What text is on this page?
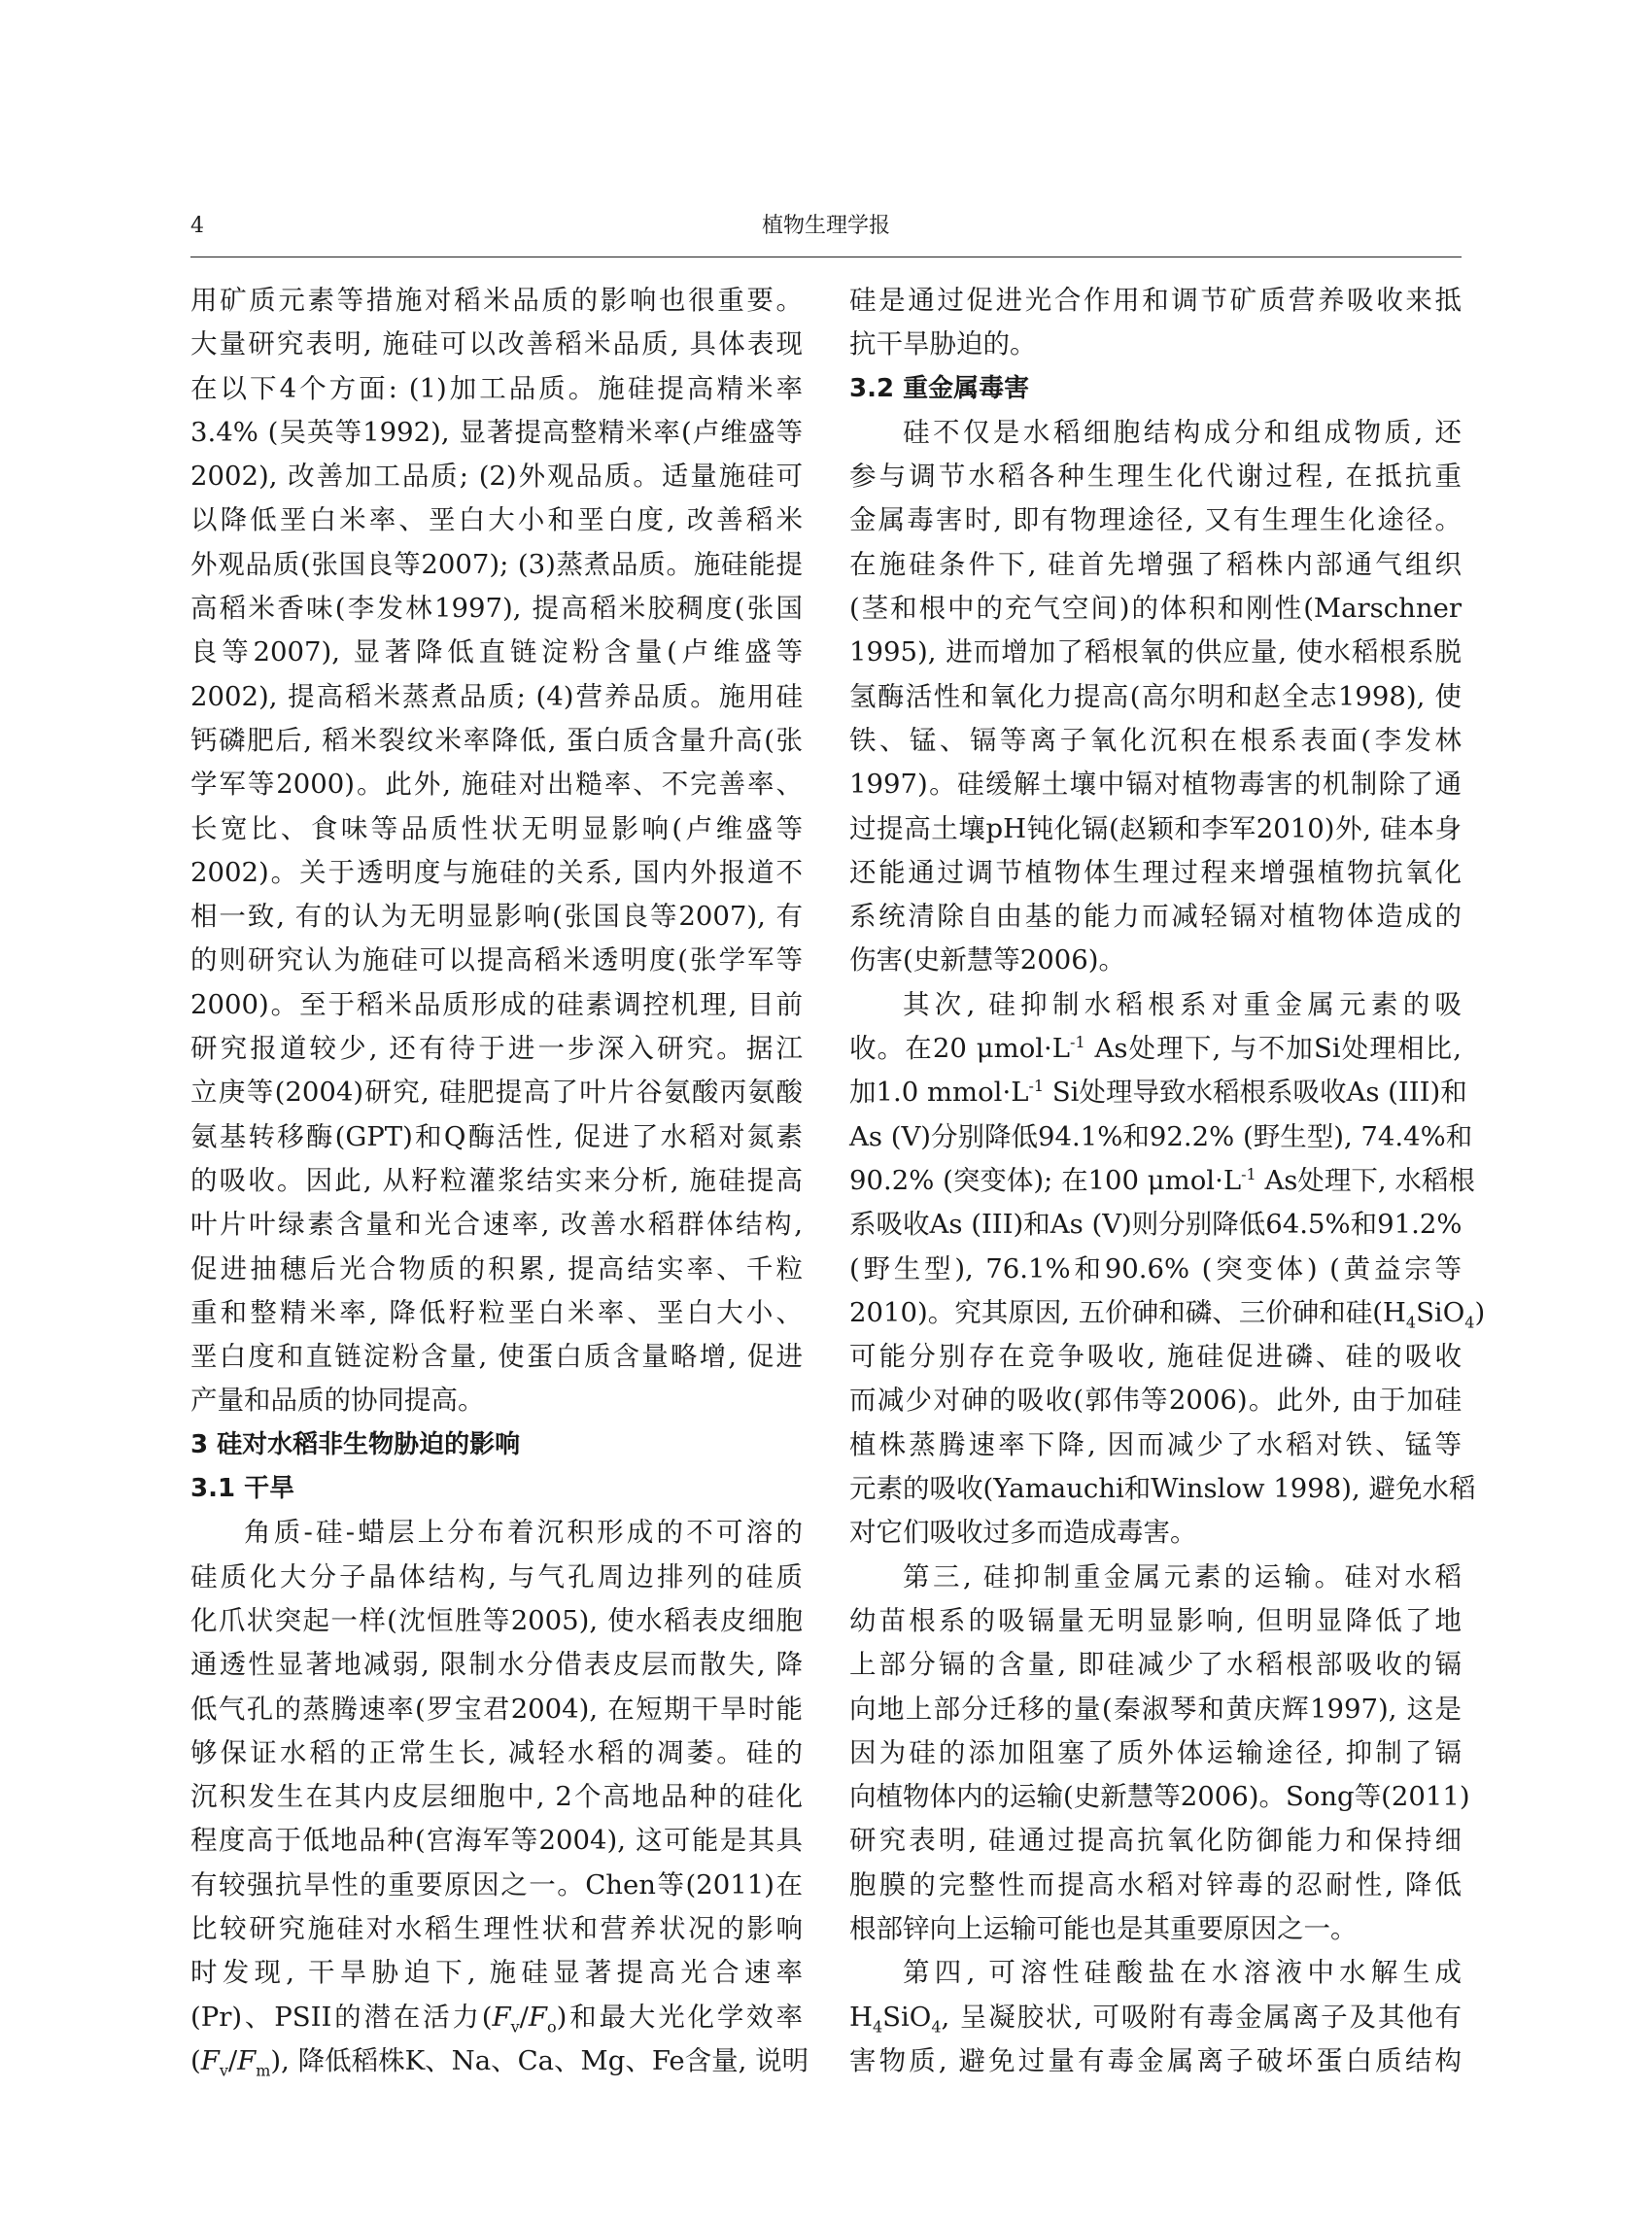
4	植物生理学报
用矿质元素等措施对稻米品质的影响也很重要。
大量研究表明, 施硅可以改善稻米品质, 具体表现
在以下4个方面: (1)加工品质。施硅提高精米率
3.4% (吴英等1992), 显著提高整精米率(卢维盛等
2002), 改善加工品质; (2)外观品质。适量施硅可
以降低垩白米率、垩白大小和垩白度, 改善稻米
外观品质(张国良等2007); (3)蒸煮品质。施硅能提
高稻米香味(李发林1997), 提高稻米胶稠度(张国
良等2007), 显著降低直链淀粉含量(卢维盛等
2002), 提高稻米蒸煮品质; (4)营养品质。施用硅
钙磷肥后, 稻米裂纹米率降低, 蛋白质含量升高(张
学军等2000)。此外, 施硅对出糙率、不完善率、
长宽比、食味等品质性状无明显影响(卢维盛等
2002)。关于透明度与施硅的关系, 国内外报道不
相一致, 有的认为无明显影响(张国良等2007), 有
的则研究认为施硅可以提高稻米透明度(张学军等
2000)。至于稻米品质形成的硅素调控机理, 目前
研究报道较少, 还有待于进一步深入研究。据江
立庚等(2004)研究, 硅肥提高了叶片谷氨酸丙氨酸
氨基转移酶(GPT)和Q酶活性, 促进了水稻对氮素
的吸收。因此, 从籽粒灌浆结实来分析, 施硅提高
叶片叶绿素含量和光合速率, 改善水稻群体结构,
促进抽穗后光合物质的积累, 提高结实率、千粒
重和整精米率, 降低籽粒垩白米率、垩白大小、
垩白度和直链淀粉含量, 使蛋白质含量略增, 促进
产量和品质的协同提高。
3 硅对水稻非生物胁迫的影响
3.1 干旱
角质-硅-蜡层上分布着沉积形成的不可溶的
硅质化大分子晶体结构, 与气孔周边排列的硅质
化爪状突起一样(沈恒胜等2005), 使水稻表皮细胞
通透性显著地减弱, 限制水分借表皮层而散失, 降
低气孔的蒸腾速率(罗宝君2004), 在短期干旱时能
够保证水稻的正常生长, 减轻水稻的凋萎。硅的
沉积发生在其内皮层细胞中, 2个高地品种的硅化
程度高于低地品种(宫海军等2004), 这可能是其具
有较强抗旱性的重要原因之一。Chen等(2011)在
比较研究施硅对水稻生理性状和营养状况的影响
时发现, 干旱胁迫下, 施硅显著提高光合速率
(Pr)、PSII的潜在活力$(F_v/F_o)$和最大光化学效率
$(F_v/F_m)$, 降低稻株K、Na、Ca、Mg、Fe含量, 说明
硅是通过促进光合作用和调节矿质营养吸收来抵
抗干旱胁迫的。
3.2 重金属毒害
硅不仅是水稻细胞结构成分和组成物质, 还
参与调节水稻各种生理生化代谢过程, 在抵抗重
金属毒害时, 即有物理途径, 又有生理生化途径。
在施硅条件下, 硅首先增强了稻株内部通气组织
(茎和根中的充气空间)的体积和刚性(Marschner
1995), 进而增加了稻根氧的供应量, 使水稻根系脱
氢酶活性和氧化力提高(高尔明和赵全志1998), 使
铁、锰、镉等离子氧化沉积在根系表面(李发林
1997)。硅缓解土壤中镉对植物毒害的机制除了通
过提高土壤pH钝化镉(赵颖和李军2010)外, 硅本身
还能通过调节植物体生理过程来增强植物抗氧化
系统清除自由基的能力而减轻镉对植物体造成的
伤害(史新慧等2006)。
其次, 硅抑制水稻根系对重金属元素的吸
收。在20 $\mu mol\cdot L^{-1}$ As处理下, 与不加Si处理相比,
加1.0 $mmol\cdot L^{-1}$ Si处理导致水稻根系吸收As (III)和
As (V)分别降低94.1%和92.2% (野生型), 74.4%和
90.2% (突变体); 在100 $\mu mol\cdot L^{-1}$ As处理下, 水稻根
系吸收As (III)和As (V)则分别降低64.5%和91.2%
(野生型), 76.1%和90.6% (突变体) (黄益宗等
2010)。究其原因, 五价砷和磷、三价砷和硅$(H_4SiO_4)$
可能分别存在竞争吸收, 施硅促进磷、硅的吸收
而减少对砷的吸收(郭伟等2006)。此外, 由于加硅
植株蒸腾速率下降, 因而减少了水稻对铁、锰等
元素的吸收(Yamauchi和Winslow 1998), 避免水稻
对它们吸收过多而造成毒害。
第三, 硅抑制重金属元素的运输。硅对水稻
幼苗根系的吸镉量无明显影响, 但明显降低了地
上部分镉的含量, 即硅减少了水稻根部吸收的镉
向地上部分迁移的量(秦淑琴和黄庆辉1997), 这是
因为硅的添加阻塞了质外体运输途径, 抑制了镉
向植物体内的运输(史新慧等2006)。Song等(2011)
研究表明, 硅通过提高抗氧化防御能力和保持细
胞膜的完整性而提高水稻对锌毒的忍耐性, 降低
根部锌向上运输可能也是其重要原因之一。
第四, 可溶性硅酸盐在水溶液中水解生成
$H_4SiO_4$, 呈凝胶状, 可吸附有毒金属离子及其他有
害物质, 避免过量有毒金属离子破坏蛋白质结构
